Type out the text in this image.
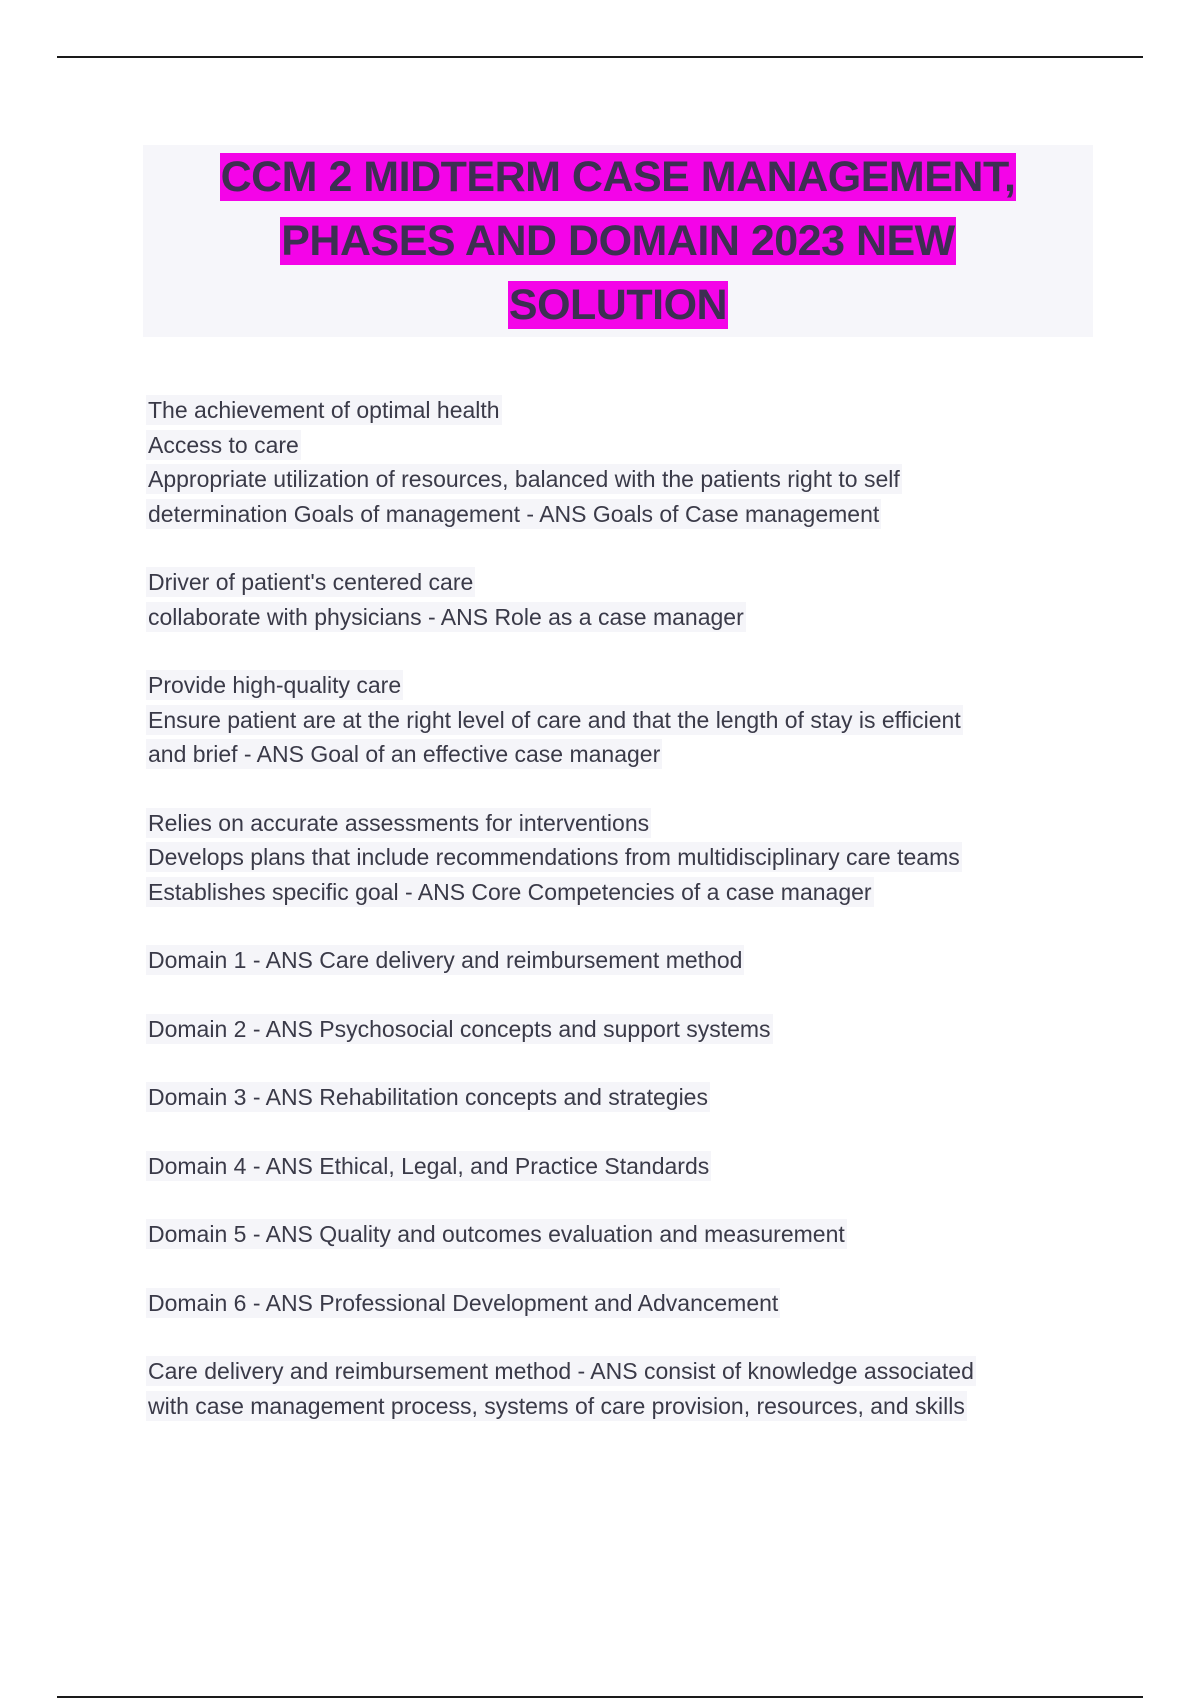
CCM 2 MIDTERM CASE MANAGEMENT,
PHASES AND DOMAIN 2023 NEW
SOLUTION
The achievement of optimal health
Access to care
Appropriate utilization of resources, balanced with the patients right to self
determination Goals of management - ANS Goals of Case management
Driver of patient's centered care
collaborate with physicians - ANS Role as a case manager
Provide high-quality care
Ensure patient are at the right level of care and that the length of stay is efficient
and brief - ANS Goal of an effective case manager
Relies on accurate assessments for interventions
Develops plans that include recommendations from multidisciplinary care teams
Establishes specific goal - ANS Core Competencies of a case manager
Domain 1 - ANS Care delivery and reimbursement method
Domain 2 - ANS Psychosocial concepts and support systems
Domain 3 - ANS Rehabilitation concepts and strategies
Domain 4 - ANS Ethical, Legal, and Practice Standards
Domain 5 - ANS Quality and outcomes evaluation and measurement
Domain 6 - ANS Professional Development and Advancement
Care delivery and reimbursement method - ANS consist of knowledge associated
with case management process, systems of care provision, resources, and skills
